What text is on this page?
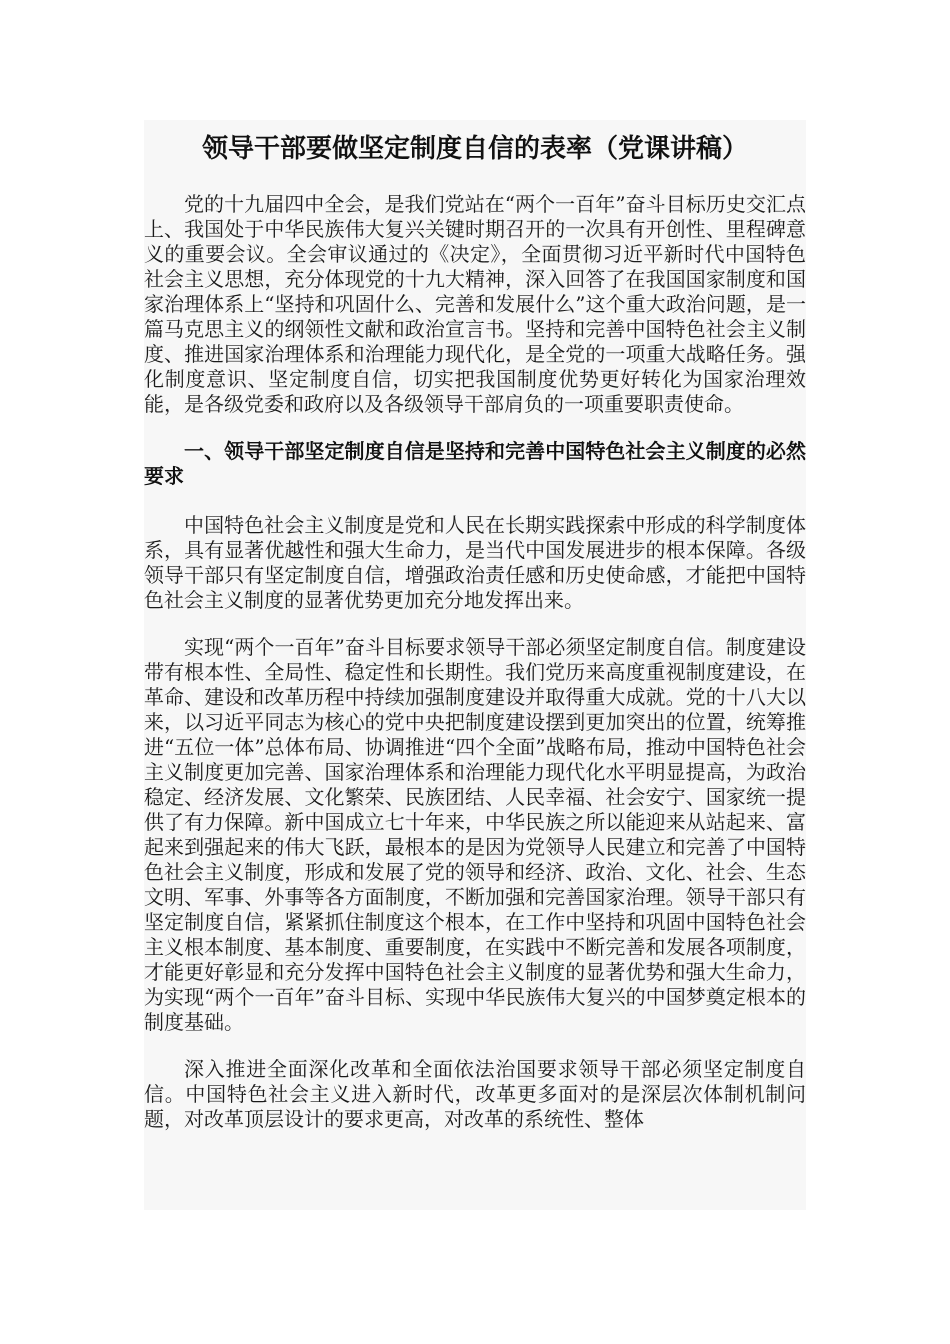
领导干部要做坚定制度自信的表率（党课讲稿）

党的十九届四中全会，是我们党站在“两个一百年”奋斗目标历史交汇点上、我国处于中华民族伟大复兴关键时期召开的一次具有开创性、里程碑意义的重要会议。全会审议通过的《决定》，全面贯彻习近平新时代中国特色社会主义思想，充分体现党的十九大精神，深入回答了在我国国家制度和国家治理体系上“坚持和巩固什么、完善和发展什么”这个重大政治问题，是一篇马克思主义的纲领性文献和政治宣言书。坚持和完善中国特色社会主义制度、推进国家治理体系和治理能力现代化，是全党的一项重大战略任务。强化制度意识、坚定制度自信，切实把我国制度优势更好转化为国家治理效能，是各级党委和政府以及各级领导干部肩负的一项重要职责使命。

一、领导干部坚定制度自信是坚持和完善中国特色社会主义制度的必然要求

中国特色社会主义制度是党和人民在长期实践探索中形成的科学制度体系，具有显著优越性和强大生命力，是当代中国发展进步的根本保障。各级领导干部只有坚定制度自信，增强政治责任感和历史使命感，才能把中国特色社会主义制度的显著优势更加充分地发挥出来。

实现“两个一百年”奋斗目标要求领导干部必须坚定制度自信。制度建设带有根本性、全局性、稳定性和长期性。我们党历来高度重视制度建设，在革命、建设和改革历程中持续加强制度建设并取得重大成就。党的十八大以来，以习近平同志为核心的党中央把制度建设摆到更加突出的位置，统筹推进“五位一体”总体布局、协调推进“四个全面”战略布局，推动中国特色社会主义制度更加完善、国家治理体系和治理能力现代化水平明显提高，为政治稳定、经济发展、文化繁荣、民族团结、人民幸福、社会安宁、国家统一提供了有力保障。新中国成立七十年来，中华民族之所以能迎来从站起来、富起来到强起来的伟大飞跃，最根本的是因为党领导人民建立和完善了中国特色社会主义制度，形成和发展了党的领导和经济、政治、文化、社会、生态文明、军事、外事等各方面制度，不断加强和完善国家治理。领导干部只有坚定制度自信，紧紧抓住制度这个根本，在工作中坚持和巩固中国特色社会主义根本制度、基本制度、重要制度，在实践中不断完善和发展各项制度，才能更好彰显和充分发挥中国特色社会主义制度的显著优势和强大生命力，为实现“两个一百年”奋斗目标、实现中华民族伟大复兴的中国梦奠定根本的制度基础。

深入推进全面深化改革和全面依法治国要求领导干部必须坚定制度自信。中国特色社会主义进入新时代，改革更多面对的是深层次体制机制问题，对改革顶层设计的要求更高，对改革的系统性、整体
